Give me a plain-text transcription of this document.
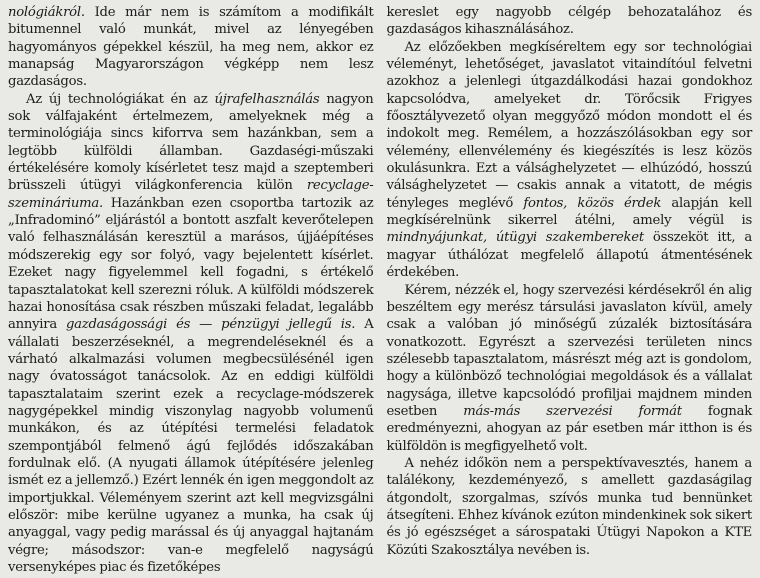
nológiákról. Ide már nem is számítom a modifikált bitumennel való munkát, mivel az lényegében hagyományos gépekkel készül, ha meg nem, akkor ez manapság Magyarországon végképp nem lesz gazdaságos.

Az új technológiákat én az újrafelhasználás nagyon sok válfajaként értelmezem, amelyeknek még a terminológiája sincs kiforrva sem hazánkban, sem a legtöbb külföldi államban. Gazdaségi-műszaki értékelésére komoly kísérletet tesz majd a szeptemberi brüsszeli útügyi világkonferencia külön recyclage-szemináriuma. Hazánkban ezen csoportba tartozik az „Infradominó” eljárástól a bontott aszfalt keverőtelepen való felhasználásán keresztül a marásos, újjáépítéses módszerekig egy sor folyó, vagy bejelentett kísérlet. Ezeket nagy figyelemmel kell fogadni, s értékelő tapasztalatokat kell szerezni róluk. A külföldi módszerek hazai honosítása csak részben műszaki feladat, legalább annyira gazdaságossági és — pénzügyi jellegű is. A vállalati beszerzéseknél, a megrendeléseknél és a várható alkalmazási volumen megbecsülésénél igen nagy óvatosságot tanácsolok. Az en eddigi külföldi tapasztalataim szerint ezek a recyclage-módszerek nagygépekkel mindig viszonylag nagyobb volumenű munkákon, és az útépítési termelési feladatok szempontjából felmenő ágú fejlődés időszakában fordulnak elő. (A nyugati államok útépítésére jelenleg ismét ez a jellemző.) Ezért lennék én igen meggondolt az importjukkal. Véleményem szerint azt kell megvizsgálni először: mibe kerülne ugyanez a munka, ha csak új anyaggal, vagy pedig marással és új anyaggal hajtanám végre; másodszor: van-e megfelelő nagyságú versenyképes piac és fizetőképes

kereslet egy nagyobb célgép behozatalához és gazdaságos kihasználásához.

Az előzőekben megkíséreltem egy sor technológiai véleményt, lehetőséget, javaslatot vitaindítóul felvetni azokhoz a jelenlegi útgazdálkodási hazai gondokhoz kapcsolódva, amelyeket dr. Törőcsik Frigyes főosztályvezető olyan meggyőző módon mondott el és indokolt meg. Remélem, a hozzászólásokban egy sor vélemény, ellenvélemény és kiegészítés is lesz közös okulásunkra. Ezt a válsághelyzetet — elhúzódó, hosszú válsághelyzetet — csakis annak a vitatott, de mégis tényleges meglévő fontos, közös érdek alapján kell megkísérelnünk sikerrel átélni, amely végül is mindnyájunkat, útügyi szakembereket összeköt itt, a magyar úthálózat megfelelő állapotú átmentésének érdekében.

Kérem, nézzék el, hogy szervezési kérdésekről én alig beszéltem egy merész társulási javaslaton kívül, amely csak a valóban jó minőségű zúzalék biztosítására vonatkozott. Egyrészt a szervezési területen nincs szélesebb tapasztalatom, másrészt még azt is gondolom, hogy a különböző technológiai megoldások és a vállalat nagysága, illetve kapcsolódó profiljai majdnem minden esetben más-más szervezési formát fognak eredményezni, ahogyan az pár esetben már itthon is és külföldön is megfigyelhető volt.

A nehéz időkön nem a perspektívavesztés, hanem a találékony, kezdeményező, s amellett gazdaságilag átgondolt, szorgalmas, szívós munka tud bennünket átsegíteni. Ehhez kívánok ezúton mindenkinek sok sikert és jó egészséget a sárospataki Útügyi Napokon a KTE Közúti Szakosztálya nevében is.
